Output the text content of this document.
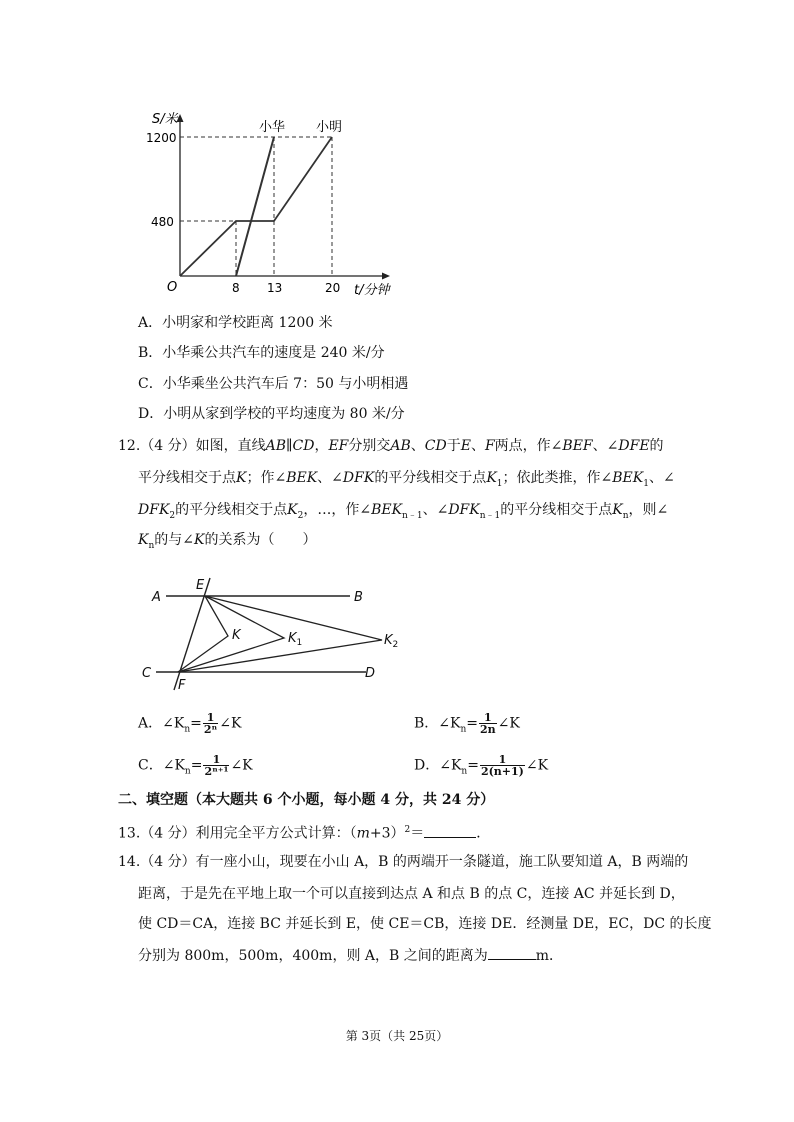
S/米
1200
480
O	8 13	20 t/分钟
小华 小明
A．小明家和学校距离 1200 米
B．小华乘公共汽车的速度是 240 米/分
C．小华乘坐公共汽车后 7：50 与小明相遇
D．小明从家到学校的平均速度为 80 米/分
12.（4 分）如图，直线AB∥CD，EF分别交AB、CD于E、F两点，作∠BEF、∠DFE的
平分线相交于点K；作∠BEK、∠DFK的平分线相交于点$K_1$；依此类推，作$\angle BEK_1$、∠
$DFK_2$的平分线相交于点$K_2$，…，作$\angle BEK_{n﹣1}$、$\angle DFK_{n﹣1}$的平分线相交于点$K_n$，则∠
$K_n$的与∠K的关系为（　　）
A
E
B
K	$K_1$	$K_2$
C
F
D
A．$\angle K_n= \frac{1}{\text{2ⁿ}}$ ∠K	B．$\angle K_n= \frac{1}{2n}$ ∠K
C．$\angle K_n= \frac{1}{\text{2ⁿ⁺¹}}$ ∠K	D．$\angle K_n= \frac{1}{2(n+1)}$ ∠K
二、填空题（本大题共 6 个小题，每小题 4 分，共 24 分）
13.（4 分）利用完全平方公式计算：$(m+3)^2=$	．
14.（4 分）有一座小山，现要在小山 A，B 的两端开一条隧道，施工队要知道 A，B 两端的
距离，于是先在平地上取一个可以直接到达点 A 和点 B 的点 C，连接 AC 并延长到 D，
使 CD＝CA，连接 BC 并延长到 E，使 CE＝CB，连接 DE．经测量 DE，EC，DC 的长度
分别为 800m，500m，400m，则 A，B 之间的距离为	m．
第 3页（共 25页）
